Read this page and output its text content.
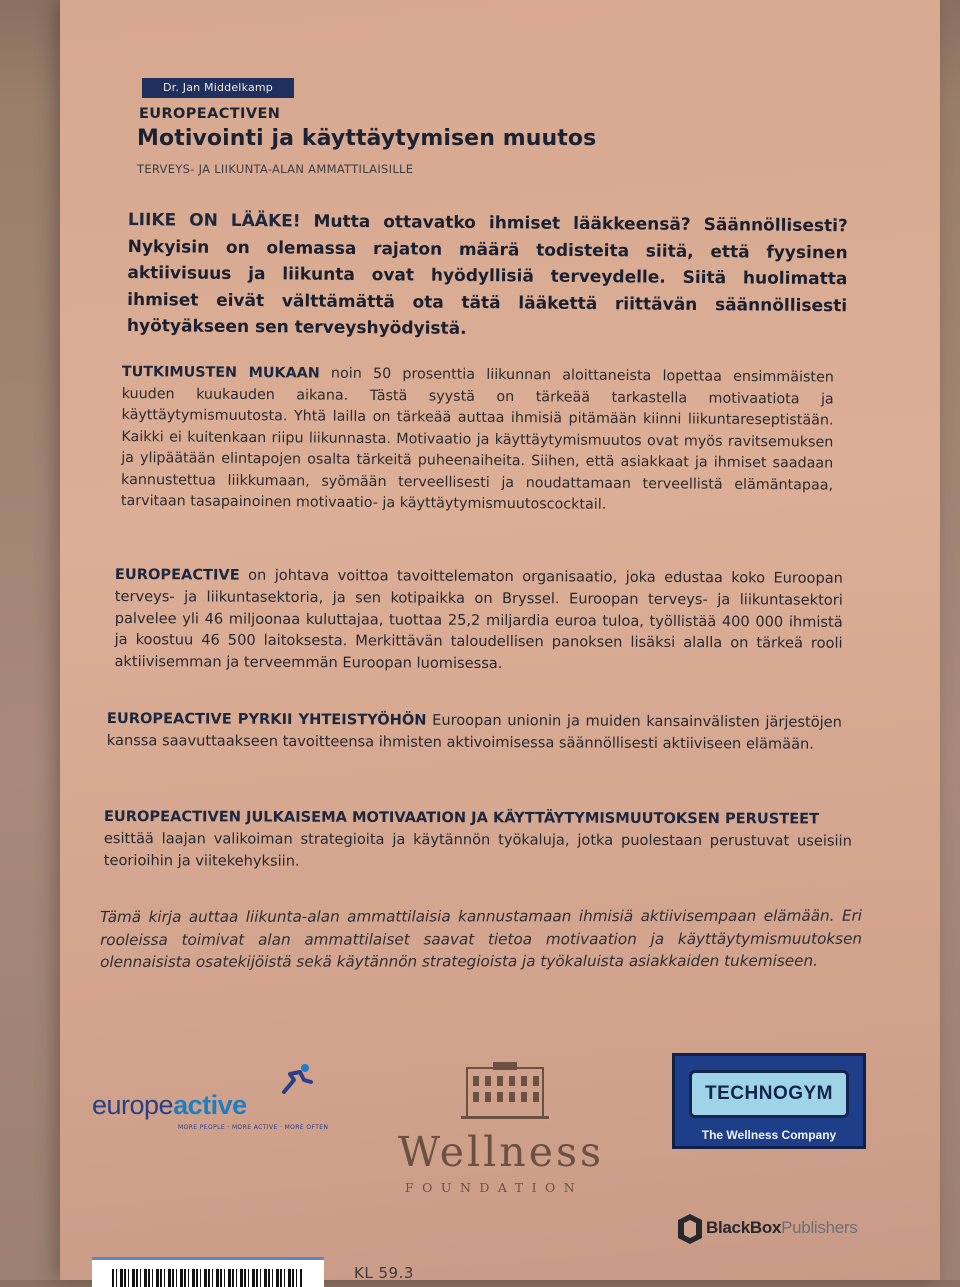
Dr. Jan Middelkamp
EUROPEACTIVEN
Motivointi ja käyttäytymisen muutos
TERVEYS- JA LIIKUNTA-ALAN AMMATTILAISILLE
LIIKE ON LÄÄKE! Mutta ottavatko ihmiset lääkkeensä? Säännöllisesti? Nykyisin on olemassa rajaton määrä todisteita siitä, että fyysinen aktiivisuus ja liikunta ovat hyödyllisiä terveydelle. Siitä huolimatta ihmiset eivät välttämättä ota tätä lääkettä riittävän säännöllisesti hyötyäkseen sen terveyshyödyistä.
TUTKIMUSTEN MUKAAN noin 50 prosenttia liikunnan aloittaneista lopettaa ensimmäisten kuuden kuukauden aikana. Tästä syystä on tärkeää tarkastella motivaatiota ja käyttäytymismuutosta. Yhtä lailla on tärkeää auttaa ihmisiä pitämään kiinni liikuntareseptistään. Kaikki ei kuitenkaan riipu liikunnasta. Motivaatio ja käyttäytymismuutos ovat myös ravitsemuksen ja ylipäätään elintapojen osalta tärkeitä puheenaiheita. Siihen, että asiakkaat ja ihmiset saadaan kannustettua liikkumaan, syömään terveellisesti ja noudattamaan terveellistä elämäntapaa, tarvitaan tasapainoinen motivaatio- ja käyttäytymismuutoscocktail.
EUROPEACTIVE on johtava voittoa tavoittelematon organisaatio, joka edustaa koko Euroopan terveys- ja liikuntasektoria, ja sen kotipaikka on Bryssel. Euroopan terveys- ja liikuntasektori palvelee yli 46 miljoonaa kuluttajaa, tuottaa 25,2 miljardia euroa tuloa, työllistää 400 000 ihmistä ja koostuu 46 500 laitoksesta. Merkittävän taloudellisen panoksen lisäksi alalla on tärkeä rooli aktiivisemman ja terveemmän Euroopan luomisessa.
EUROPEACTIVE PYRKII YHTEISTYÖHÖN Euroopan unionin ja muiden kansainvälisten järjestöjen kanssa saavuttaakseen tavoitteensa ihmisten aktivoimisessa säännöllisesti aktiiviseen elämään.
EUROPEACTIVEN JULKAISEMA MOTIVAATION JA KÄYTTÄYTYMISMUUTOKSEN PERUSTEET
esittää laajan valikoiman strategioita ja käytännön työkaluja, jotka puolestaan perustuvat useisiin teorioihin ja viitekehyksiin.
Tämä kirja auttaa liikunta-alan ammattilaisia kannustamaan ihmisiä aktiivisempaan elämään. Eri rooleissa toimivat alan ammattilaiset saavat tietoa motivaation ja käyttäytymismuutoksen olennaisista osatekijöistä sekä käytännön strategioista ja työkaluista asiakkaiden tukemiseen.
europeactive
MORE PEOPLE · MORE ACTIVE · MORE OFTEN
Wellness
FOUNDATION
TECHNOGYM
The Wellness Company
BlackBoxPublishers
KL 59.3
